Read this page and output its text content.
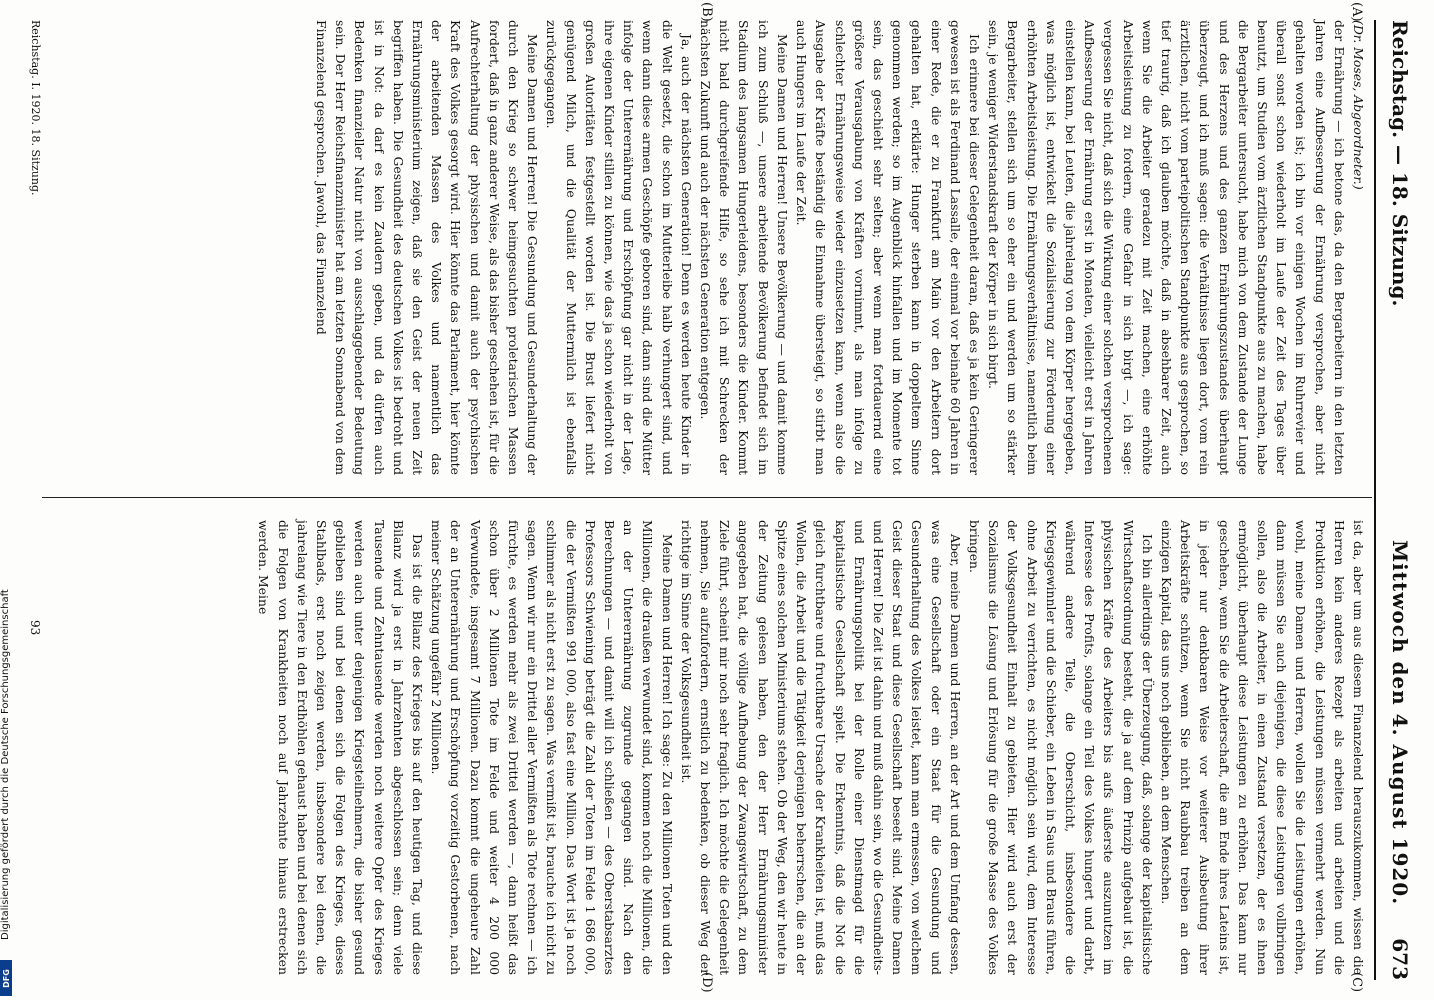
Reichstag. — 18. Sitzung.
Mittwoch den 4. August 1920.
673
(A)
(B)
(C)
(D)

(Dr. Moses, Abgeordneter.)

der Ernährung — ich betone das, da den Bergarbeitern in den letzten Jahren eine Aufbesserung der Ernährung versprochen, aber nicht gehalten worden ist; ich bin vor einigen Wochen im Ruhrrevier und überall sonst schon wiederholt im Laufe der Zeit des Tages über benutzt, um Studien vom ärztlichen Standpunkte aus zu machen, habe die Bergarbeiter untersucht, habe mich von dem Zustande der Lunge und des Herzens und des ganzen Ernährungszustandes überhaupt überzeugt, und ich muß sagen: die Verhältnisse liegen dort, vom rein ärztlichen, nicht vom parteipolitischen Standpunkte aus gesprochen, so tief traurig, daß ich glauben möchte, daß in absehbarer Zeit, auch wenn Sie die Arbeiter geradezu mit Zeit machen, eine erhöhte Arbeitsleistung zu fordern, eine Gefahr in sich birgt —, ich sage: vergessen Sie nicht, daß sich die Wirkung einer solchen versprochenen Aufbesserung der Ernährung erst in Monaten, vielleicht erst in Jahren einstellen kann, bei Leuten, die jahrelang von dem Körper hergegeben, was möglich ist, entwickelt die Sozialisierung zur Förderung einer erhöhten Arbeitsleistung. Die Ernährungsverhältnisse, namentlich beim Bergarbeiter, stellen sich um so eher ein und werden um so stärker sein, je weniger Widerstandskraft der Körper in sich birgt.

Ich erinnere bei dieser Gelegenheit daran, daß es ja kein Geringerer gewesen ist als Ferdinand Lassalle, der einmal vor beinahe 60 Jahren in einer Rede, die er zu Frankfurt am Main vor den Arbeitern dort gehalten hat, erklärte: Hunger sterben kann in doppeltem Sinne genommen werden; so im Augenblick hinfallen und im Momente tot sein, das geschieht sehr selten; aber wenn man fortdauernd eine größere Verausgabung von Kräften vornimmt, als man infolge zu schlechter Ernährungsweise wieder einzusetzen kann, wenn also die Ausgabe der Kräfte beständig die Einnahme übersteigt, so stirbt man auch Hungers im Laufe der Zeit.

Meine Damen und Herren! Unsere Bevölkerung — und damit komme ich zum Schluß —, unsere arbeitende Bevölkerung befindet sich im Stadium des langsamen Hungerleidens, besonders die Kinder. Kommt nicht bald durchgreifende Hilfe, so sehe ich mit Schrecken der nächsten Zukunft und auch der nächsten Generation entgegen.

Ja, auch der nächsten Generation! Denn es werden heute Kinder in die Welt gesetzt, die schon im Mutterleibe halb verhungert sind, und wenn dann diese armen Geschöpfe geboren sind, dann sind die Mütter infolge der Unterernährung und Erschöpfung gar nicht in der Lage, ihre eigenen Kinder stillen zu können, wie das ja schon wiederholt von großen Autoritäten festgestellt worden ist. Die Brust liefert nicht genügend Milch, und die Qualität der Muttermilch ist ebenfalls zurückgegangen.

Meine Damen und Herren! Die Gesundung und Gesunderhaltung der durch den Krieg so schwer heimgesuchten proletarischen Massen fordert, daß in ganz anderer Weise, als das bisher geschehen ist, für die Aufrechterhaltung der physischen und damit auch der psychischen Kraft des Volkes gesorgt wird. Hier könnte das Parlament, hier könnte der arbeitenden Massen des Volkes und namentlich das Ernährungsministerium zeigen, daß sie den Geist der neuen Zeit begriffen haben. Die Gesundheit des deutschen Volkes ist bedroht und ist in Not: da darf es kein Zaudern geben, und da dürfen auch Bedenken finanzieller Natur nicht von ausschlaggebender Bedeutung sein. Der Herr Reichsfinanzminister hat am letzten Sonnabend von dem Finanzelend gesprochen. Jawohl, das Finanzelend

ist da, aber um aus diesem Finanzelend herauszukommen, wissen die Herren kein anderes Rezept als arbeiten und arbeiten und die Produktion erhöhen, die Leistungen müssen vermehrt werden. Nun wohl, meine Damen und Herren, wollen Sie die Leistungen erhöhen, dann müssen Sie auch diejenigen, die diese Leistungen vollbringen sollen, also die Arbeiter, in einen Zustand versetzen, der es ihnen ermöglicht, überhaupt diese Leistungen zu erhöhen. Das kann nur geschehen, wenn Sie die Arbeiterschaft, die am Ende ihres Lateins ist, in jeder nur denkbaren Weise vor weiterer Ausbeutung ihrer Arbeitskräfte schützen, wenn Sie nicht Raubbau treiben an dem einzigen Kapital, das uns noch geblieben, an dem Menschen.

Ich bin allerdings der Überzeugung, daß, solange der kapitalistische Wirtschaftsordnung besteht, die ja auf dem Prinzip aufgebaut ist, die physischen Kräfte des Arbeiters bis aufs äußerste auszunutzen im Interesse des Profits, solange ein Teil des Volkes hungert und darbt, während andere Teile, die Oberschicht, insbesondere die Kriegsgewinnler und die Schieber, ein Leben in Saus und Braus führen, ohne Arbeit zu verrichten, es nicht möglich sein wird, dem Interesse der Volksgesundheit Einhalt zu gebieten. Hier wird auch erst der Sozialismus die Lösung und Erlösung für die große Masse des Volkes bringen.

Aber, meine Damen und Herren, an der Art und dem Umfang dessen, was eine Gesellschaft oder ein Staat für die Gesundung und Gesunderhaltung des Volkes leistet, kann man ermessen, von welchem Geist dieser Staat und diese Gesellschaft beseelt sind. Meine Damen und Herren! Die Zeit ist dahin und muß dahin sein, wo die Gesundheits- und Ernährungspolitik bei der Rolle einer Dienstmagd für die kapitalistische Gesellschaft spielt. Die Erkenntnis, daß die Not die gleich furchtbare und fruchtbare Ursache der Krankheiten ist, muß das Wollen, die Arbeit und die Tätigkeit derjenigen beherrschen, die an der Spitze eines solchen Ministeriums stehen. Ob der Weg, den wir heute in der Zeitung gelesen haben, den der Herr Ernährungsminister angegeben hat, die völlige Aufhebung der Zwangswirtschaft, zu dem Ziele führt, scheint mir noch sehr fraglich. Ich möchte die Gelegenheit nehmen, Sie aufzufordern, ernstlich zu bedenken, ob dieser Weg der richtige im Sinne der Volksgesundheit ist.

Meine Damen und Herren! Ich sage: Zu den Millionen Toten und den Millionen, die draußen verwundet sind, kommen noch die Millionen, die an der Unterernährung zugrunde gegangen sind. Nach den Berechnungen — und damit will ich schließen — des Oberstabsarztes Professors Schwiening beträgt die Zahl der Toten im Felde 1 686 000, die der Vermißten 991 000, also fast eine Million. Das Wort ist ja noch schlimmer als nicht erst zu sagen. Was vermißt ist, brauche ich nicht zu sagen. Wenn wir nur ein Drittel aller Vermißten als Tote rechnen — ich fürchte, es werden mehr als zwei Drittel werden —, dann heißt das schon über 2 Millionen Tote im Felde und weiter 4 200 000 Verwundete, insgesamt 7 Millionen. Dazu kommt die ungeheure Zahl der an Unterernährung und Erschöpfung vorzeitig Gestorbenen, nach meiner Schätzung ungefähr 2 Millionen.

Das ist die Bilanz des Krieges bis auf den heutigen Tag, und diese Bilanz wird ja erst in Jahrzehnten abgeschlossen sein; denn viele Tausende und Zehntausende werden noch weitere Opfer des Krieges werden auch unter denjenigen Kriegsteilnehmern, die bisher gesund geblieben sind und bei denen sich die Folgen des Krieges, dieses Stahlbads, erst noch zeigen werden, insbesondere bei denen, die jahrelang wie Tiere in den Erdhöhlen gehaust haben und bei denen sich die Folgen von Krankheiten noch auf Jahrzehnte hinaus erstrecken werden. Meine

Reichstag. I. 1920. 18. Sitzung.
93
Digitalisierung gefördert durch die Deutsche Forschungsgemeinschaft
DFG
